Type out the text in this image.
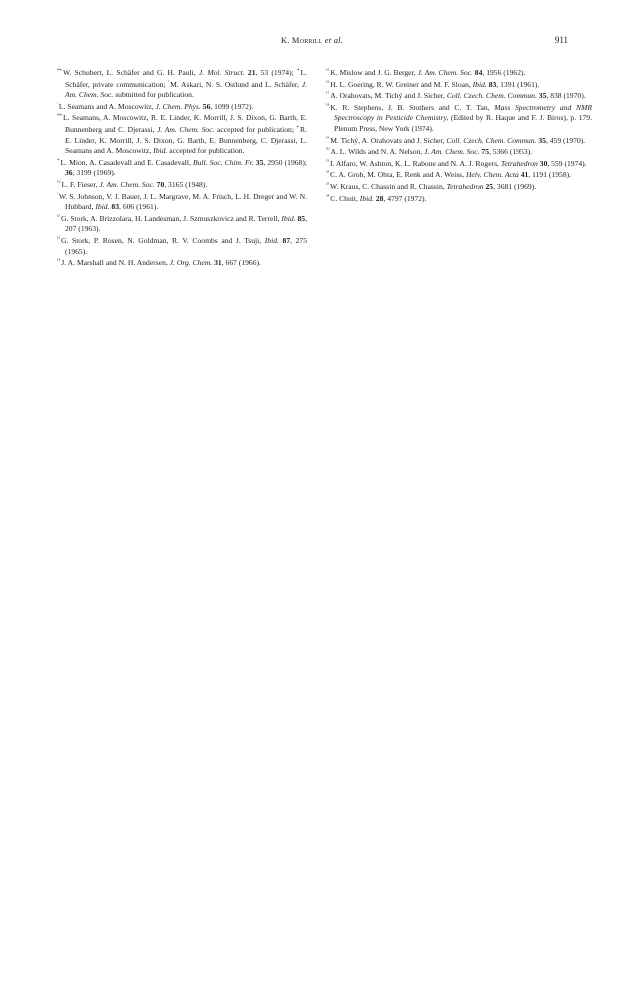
K. Morrill et al.	911

**W. Schubert, L. Schäfer and G. H. Pauli, J. Mol. Struct. 21, 53 (1974); *L. Schäfer, private communication; 'M. Askari, N. S. Ostlund and L. Schäfer, J. Am. Chem. Soc. submitted for publication.

'L. Seamans and A. Moscowitz, J. Chem. Phys. 56, 1099 (1972).

**L. Seamans, A. Moscowitz, R. E. Linder, K. Morrill, J. S. Dixon, G. Barth, E. Bunnenberg and C. Djerassi, J. Am. Chem. Soc. accepted for publication; *R. E. Linder, K. Morrill, J. S. Dixon, G. Barth, E. Bunnenberg, C. Djerassi, L. Seamans and A. Moscowitz, Ibid. accepted for publication.

*L. Mion, A. Casadevall and E. Casadevall, Bull. Soc. Chim. Fr. 35, 2950 (1968); 36, 3199 (1969).

$^{^{10}}$L. F. Fieser, J. Am. Chem. Soc. 70, 3165 (1948).

'W. S. Johnson, V. J. Bauer, J. L. Margrave, M. A. Frisch, L. H. Dreger and W. N. Hubbard, Ibid. 83, 606 (1961).

$^{^{12}}$G. Stork, A. Brizzolara, H. Landesman, J. Szmuszkovicz and R. Terrell, Ibid. 85, 207 (1963).

$^{^{13}}$G. Stork, P. Rosen, N. Goldman, R. V. Coombs and J. Tsuji, Ibid. 87, 275 (1965).

$^{^{14}}$J. A. Marshall and N. H. Andersen, J. Org. Chem. 31, 667 (1966).

$^{^{15}}$K. Mislow and J. G. Berger, J. Am. Chem. Soc. 84, 1956 (1962).

$^{^{16}}$H. L. Goering, R. W. Greiner and M. F. Sloan, Ibid. 83, 1391 (1961).

$^{^{17}}$A. Orahovats, M. Tichý and J. Sicher, Coll. Czech. Chem. Commun. 35, 838 (1970).

$^{^{18}}$K. R. Stephens, J. B. Stothers and C. T. Tan, Mass Spectrometry and NMR Spectroscopy in Pesticide Chemistry, (Edited by R. Haque and F. J. Biros), p. 179. Plenum Press, New York (1974).

$^{^{19}}$M. Tichý, A. Orahovats and J. Sicher, Coll. Czech. Chem. Commun. 35, 459 (1970).

$^{^{20}}$A. L. Wilds and N. A. Nelson, J. Am. Chem. Soc. 75, 5366 (1953).

$^{^{21}}$I. Alfaro, W. Ashton, K. L. Rabone and N. A. J. Rogers, Tetrahedron 30, 559 (1974).

$^{^{22}}$C. A. Grob, M. Ohta, E. Renk and A. Weiss, Helv. Chem. Acta 41, 1191 (1958).

$^{^{23}}$W. Kraus, C. Chassin and R. Chassin, Tetrahedron 25, 3681 (1969).

$^{^{24}}$C. Chuit, Ibid. 28, 4797 (1972).
